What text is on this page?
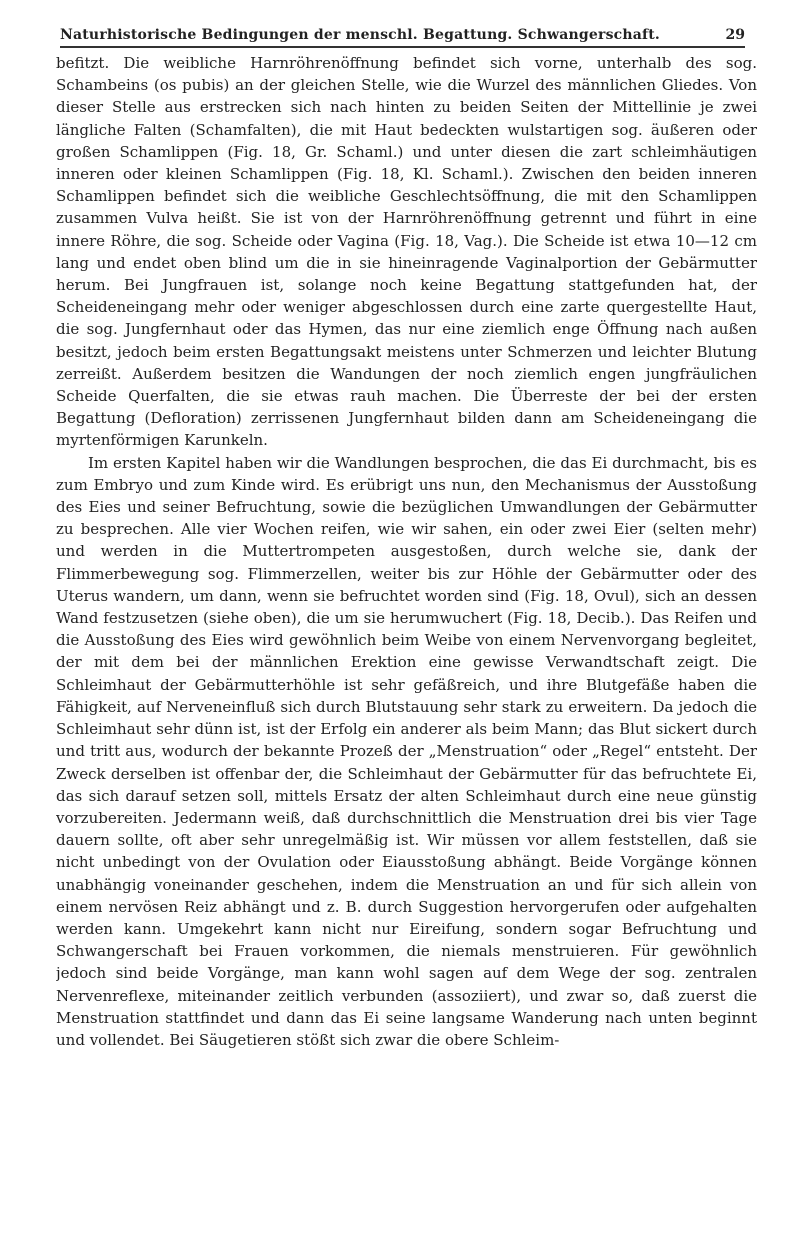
Naturhistorische Bedingungen der menschl. Begattung. Schwangerschaft.	29

befitzt. Die weibliche Harnröhrenöffnung befindet sich vorne, unterhalb des sog. Schambeins (os pubis) an der gleichen Stelle, wie die Wurzel des männlichen Gliedes. Von dieser Stelle aus erstrecken sich nach hinten zu beiden Seiten der Mittellinie je zwei längliche Falten (Schamfalten), die mit Haut bedeckten wulstartigen sog. äußeren oder großen Schamlippen (Fig. 18, Gr. Schaml.) und unter diesen die zart schleimhäutigen inneren oder kleinen Schamlippen (Fig. 18, Kl. Schaml.). Zwischen den beiden inneren Schamlippen befindet sich die weibliche Geschlechtsöffnung, die mit den Schamlippen zusammen Vulva heißt. Sie ist von der Harnröhrenöffnung getrennt und führt in eine innere Röhre, die sog. Scheide oder Vagina (Fig. 18, Vag.). Die Scheide ist etwa 10—12 cm lang und endet oben blind um die in sie hineinragende Vaginalportion der Gebärmutter herum. Bei Jungfrauen ist, solange noch keine Begattung stattgefunden hat, der Scheideneingang mehr oder weniger abgeschlossen durch eine zarte quergestellte Haut, die sog. Jungfernhaut oder das Hymen, das nur eine ziemlich enge Öffnung nach außen besitzt, jedoch beim ersten Begattungsakt meistens unter Schmerzen und leichter Blutung zerreißt. Außerdem besitzen die Wandungen der noch ziemlich engen jungfräulichen Scheide Querfalten, die sie etwas rauh machen. Die Überreste der bei der ersten Begattung (Defloration) zerrissenen Jungfernhaut bilden dann am Scheideneingang die myrtenförmigen Karunkeln.

Im ersten Kapitel haben wir die Wandlungen besprochen, die das Ei durchmacht, bis es zum Embryo und zum Kinde wird. Es erübrigt uns nun, den Mechanismus der Ausstoßung des Eies und seiner Befruchtung, sowie die bezüglichen Umwandlungen der Gebärmutter zu besprechen. Alle vier Wochen reifen, wie wir sahen, ein oder zwei Eier (selten mehr) und werden in die Muttertrompeten ausgestoßen, durch welche sie, dank der Flimmerbewegung sog. Flimmerzellen, weiter bis zur Höhle der Gebärmutter oder des Uterus wandern, um dann, wenn sie befruchtet worden sind (Fig. 18, Ovul), sich an dessen Wand festzusetzen (siehe oben), die um sie herumwuchert (Fig. 18, Decib.). Das Reifen und die Ausstoßung des Eies wird gewöhnlich beim Weibe von einem Nervenvorgang begleitet, der mit dem bei der männlichen Erektion eine gewisse Verwandtschaft zeigt. Die Schleimhaut der Gebärmutterhöhle ist sehr gefäßreich, und ihre Blutgefäße haben die Fähigkeit, auf Nerveneinfluß sich durch Blutstauung sehr stark zu erweitern. Da jedoch die Schleimhaut sehr dünn ist, ist der Erfolg ein anderer als beim Mann; das Blut sickert durch und tritt aus, wodurch der bekannte Prozeß der „Menstruation“ oder „Regel“ entsteht. Der Zweck derselben ist offenbar der, die Schleimhaut der Gebärmutter für das befruchtete Ei, das sich darauf setzen soll, mittels Ersatz der alten Schleimhaut durch eine neue günstig vorzubereiten. Jedermann weiß, daß durchschnittlich die Menstruation drei bis vier Tage dauern sollte, oft aber sehr unregelmäßig ist. Wir müssen vor allem feststellen, daß sie nicht unbedingt von der Ovulation oder Eiausstoßung abhängt. Beide Vorgänge können unabhängig voneinander geschehen, indem die Menstruation an und für sich allein von einem nervösen Reiz abhängt und z. B. durch Suggestion hervorgerufen oder aufgehalten werden kann. Umgekehrt kann nicht nur Eireifung, sondern sogar Befruchtung und Schwangerschaft bei Frauen vorkommen, die niemals menstruieren. Für gewöhnlich jedoch sind beide Vorgänge, man kann wohl sagen auf dem Wege der sog. zentralen Nervenreflexe, miteinander zeitlich verbunden (assoziiert), und zwar so, daß zuerst die Menstruation stattfindet und dann das Ei seine langsame Wanderung nach unten beginnt und vollendet. Bei Säugetieren stößt sich zwar die obere Schleim-
